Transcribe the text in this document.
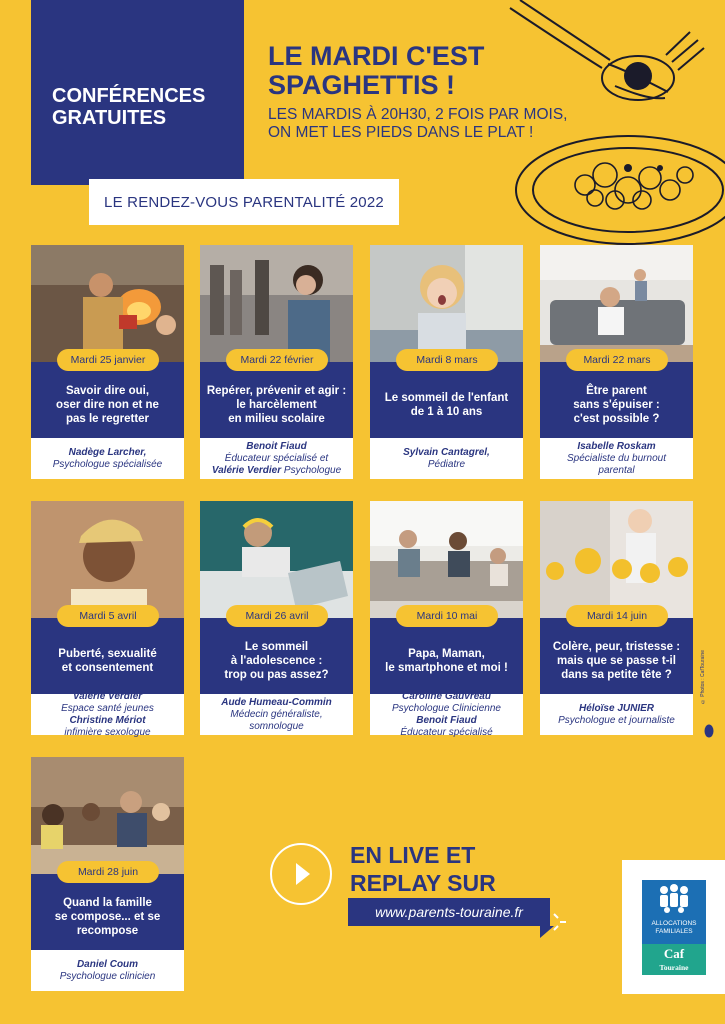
CONFÉRENCES
GRATUITES
LE RENDEZ-VOUS PARENTALITÉ 2022
LE MARDI C'EST
SPAGHETTIS !
LES MARDIS À 20H30, 2 FOIS PAR MOIS,
ON MET LES PIEDS DANS LE PLAT !
Mardi 25 janvier
Savoir dire oui,
oser dire non et ne
pas le regretter
Nadège Larcher,
Psychologue spécialisée
Mardi 22 février
Repérer, prévenir et agir :
le harcèlement
en milieu scolaire
Benoit Fiaud
Éducateur spécialisé et
Valérie Verdier Psychologue
Mardi 8 mars
Le sommeil de l'enfant
de 1 à 10 ans
Sylvain Cantagrel,
Pédiatre
Mardi 22 mars
Être parent
sans s'épuiser :
c'est possible ?
Isabelle Roskam
Spécialiste du burnout
parental
Mardi 5 avril
Puberté, sexualité
et consentement
Valérie Verdier
Espace santé jeunes
Christine Mériot
infimière sexologue
Mardi 26 avril
Le sommeil
à l'adolescence :
trop ou pas assez?
Aude Humeau-Commin
Médecin généraliste,
somnologue
Mardi 10 mai
Papa, Maman,
le smartphone et moi !
Caroline Gauvreau
Psychologue Clinicienne
Benoit Fiaud
Éducateur spécialisé
Mardi 14 juin
Colère, peur, tristesse :
mais que se passe t-il
dans sa petite tête ?
Héloïse JUNIER
Psychologue et journaliste
Mardi 28 juin
Quand la famille
se compose... et se
recompose
Daniel Coum
Psychologue clinicien
EN LIVE ET
REPLAY SUR
www.parents-touraine.fr
ALLOCATIONS
FAMILIALES
Caf
Touraine
© Photos : CafTouraine
